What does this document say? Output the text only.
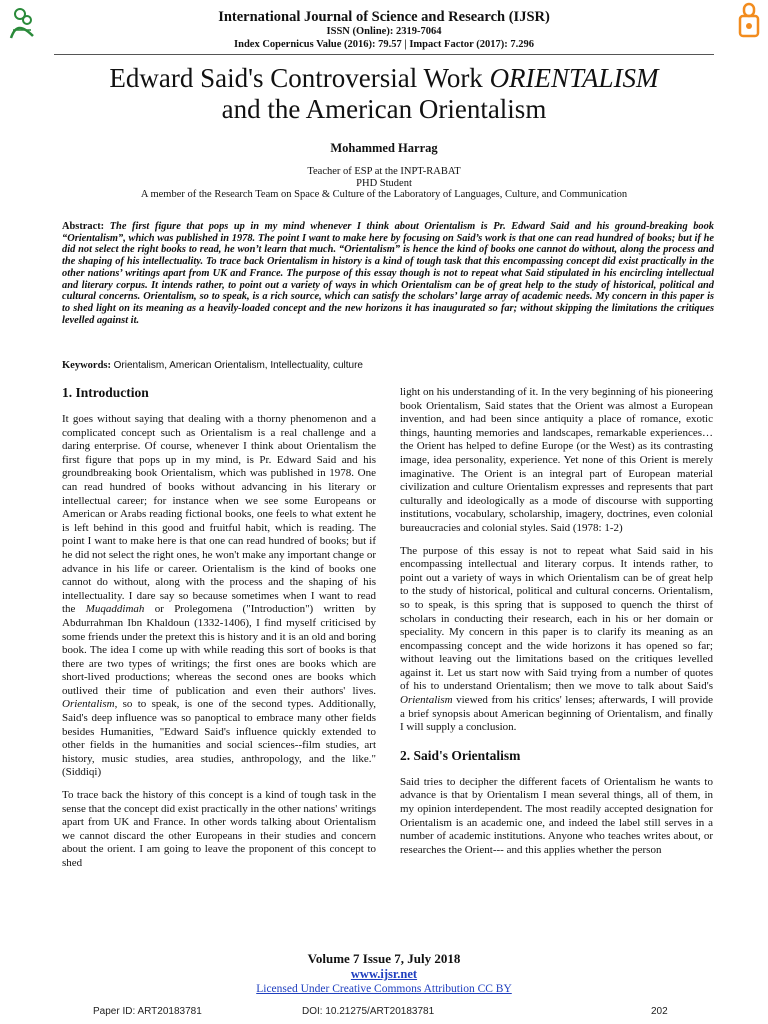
International Journal of Science and Research (IJSR)
ISSN (Online): 2319-7064
Index Copernicus Value (2016): 79.57 | Impact Factor (2017): 7.296
Edward Said's Controversial Work ORIENTALISM
and the American Orientalism
Mohammed Harrag
Teacher of ESP at the INPT-RABAT
PHD Student
A member of the Research Team on Space & Culture of the Laboratory of Languages, Culture, and Communication
Abstract: The first figure that pops up in my mind whenever I think about Orientalism is Pr. Edward Said and his ground-breaking book “Orientalism”, which was published in 1978. The point I want to make here by focusing on Said’s work is that one can read hundred of books; but if he did not select the right books to read, he won’t learn that much. “Orientalism” is hence the kind of books one cannot do without, along the process and the shaping of his intellectuality. To trace back Orientalism in history is a kind of tough task that this encompassing concept did exist practically in the other nations’ writings apart from UK and France. The purpose of this essay though is not to repeat what Said stipulated in his encircling intellectual and literary corpus. It intends rather, to point out a variety of ways in which Orientalism can be of great help to the study of historical, political and cultural concerns. Orientalism, so to speak, is a rich source, which can satisfy the scholars’ large array of academic needs. My concern in this paper is to shed light on its meaning as a heavily-loaded concept and the new horizons it has inaugurated so far; without skipping the limitations the critiques levelled against it.
Keywords: Orientalism, American Orientalism, Intellectuality, culture
1. Introduction

It goes without saying that dealing with a thorny phenomenon and a complicated concept such as Orientalism is a real challenge and a daring enterprise. Of course, whenever I think about Orientalism the first figure that pops up in my mind, is Pr. Edward Said and his groundbreaking book Orientalism, which was published in 1978. One can read hundred of books without advancing in his literary or intellectual career; for instance when we see some Europeans or American or Arabs reading fictional books, one feels to what extent he is left behind in this good and fruitful habit, which is reading. The point I want to make here is that one can read hundred of books; but if he did not select the right ones, he won't make any important change or advance in his life or career. Orientalism is the kind of books one cannot do without, along with the process and the shaping of his intellectuality. I dare say so because sometimes when I want to read the Muqaddimah or Prolegomena ("Introduction") written by Abdurrahman Ibn Khaldoun (1332-1406), I find myself criticised by some friends under the pretext this is history and it is an old and boring book. The idea I come up with while reading this sort of books is that there are two types of writings; the first ones are books which are short-lived productions; whereas the second ones are books which outlived their time of publication and even their authors' lives. Orientalism, so to speak, is one of the second types. Additionally, Said's deep influence was so panoptical to embrace many other fields besides Humanities, "Edward Said's influence quickly extended to other fields in the humanities and social sciences--film studies, art history, music studies, area studies, anthropology, and the like." (Siddiqi)

To trace back the history of this concept is a kind of tough task in the sense that the concept did exist practically in the other nations' writings apart from UK and France. In other words talking about Orientalism we cannot discard the other Europeans in their studies and concern about the orient. I am going to leave the proponent of this concept to shed

light on his understanding of it. In the very beginning of his pioneering book Orientalism, Said states that the Orient was almost a European invention, and had been since antiquity a place of romance, exotic things, haunting memories and landscapes, remarkable experiences…the Orient has helped to define Europe (or the West) as its contrasting image, idea personality, experience. Yet none of this Orient is merely imaginative. The Orient is an integral part of European material civilization and culture Orientalism expresses and represents that part culturally and ideologically as a mode of discourse with supporting institutions, vocabulary, scholarship, imagery, doctrines, even colonial bureaucracies and colonial styles. Said (1978: 1-2)

The purpose of this essay is not to repeat what Said said in his encompassing intellectual and literary corpus. It intends rather, to point out a variety of ways in which Orientalism can be of great help to the study of historical, political and cultural concerns. Orientalism, so to speak, is this spring that is supposed to quench the thirst of scholars in conducting their research, each in his or her domain or speciality. My concern in this paper is to clarify its meaning as an encompassing concept and the wide horizons it has opened so far; without leaving out the limitations based on the critiques levelled against it. Let us start now with Said trying from a number of quotes of his to understand Orientalism; then we move to talk about Said's Orientalism viewed from his critics' lenses; afterwards, I will provide a brief synopsis about American beginning of Orientalism, and finally I will supply a conclusion.

2. Said's Orientalism

Said tries to decipher the different facets of Orientalism he wants to advance is that by Orientalism I mean several things, all of them, in my opinion interdependent. The most readily accepted designation for Orientalism is an academic one, and indeed the label still serves in a number of academic institutions. Anyone who teaches writes about, or researches the Orient--- and this applies whether the person

Volume 7 Issue 7, July 2018
www.ijsr.net
Licensed Under Creative Commons Attribution CC BY
Paper ID: ART20183781	DOI: 10.21275/ART20183781	202
